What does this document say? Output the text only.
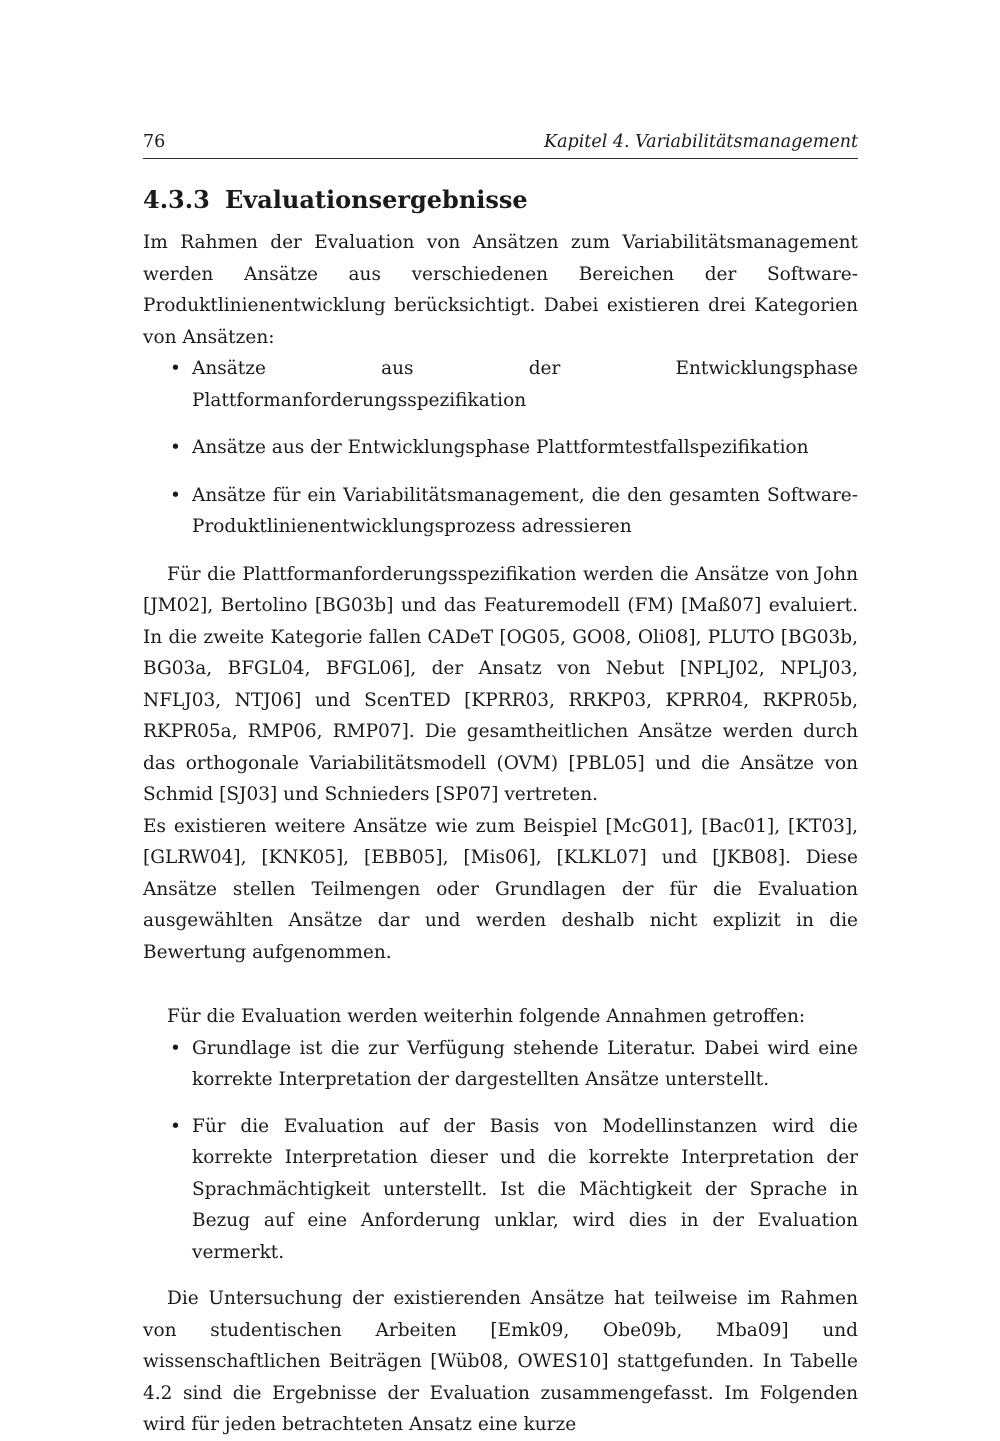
76	Kapitel 4. Variabilitätsmanagement
4.3.3 Evaluationsergebnisse

Im Rahmen der Evaluation von Ansätzen zum Variabilitätsmanagement werden Ansätze aus verschiedenen Bereichen der Software-Produktlinienentwicklung berücksichtigt. Dabei existieren drei Kategorien von Ansätzen:

• Ansätze aus der Entwicklungsphase Plattformanforderungsspezifikation
• Ansätze aus der Entwicklungsphase Plattformtestfallspezifikation
• Ansätze für ein Variabilitätsmanagement, die den gesamten Software-Produktlinienentwicklungsprozess adressieren

Für die Plattformanforderungsspezifikation werden die Ansätze von John [JM02], Bertolino [BG03b] und das Featuremodell (FM) [Maß07] evaluiert. In die zweite Kategorie fallen CADeT [OG05, GO08, Oli08], PLUTO [BG03b, BG03a, BFGL04, BFGL06], der Ansatz von Nebut [NPLJ02, NPLJ03, NFLJ03, NTJ06] und ScenTED [KPRR03, RRKP03, KPRR04, RKPR05b, RKPR05a, RMP06, RMP07]. Die gesamtheitlichen Ansätze werden durch das orthogonale Variabilitätsmodell (OVM) [PBL05] und die Ansätze von Schmid [SJ03] und Schnieders [SP07] vertreten.

Es existieren weitere Ansätze wie zum Beispiel [McG01], [Bac01], [KT03], [GLRW04], [KNK05], [EBB05], [Mis06], [KLKL07] und [JKB08]. Diese Ansätze stellen Teilmengen oder Grundlagen der für die Evaluation ausgewählten Ansätze dar und werden deshalb nicht explizit in die Bewertung aufgenommen.

Für die Evaluation werden weiterhin folgende Annahmen getroffen:

• Grundlage ist die zur Verfügung stehende Literatur. Dabei wird eine korrekte Interpretation der dargestellten Ansätze unterstellt.
• Für die Evaluation auf der Basis von Modellinstanzen wird die korrekte Interpretation dieser und die korrekte Interpretation der Sprachmächtigkeit unterstellt. Ist die Mächtigkeit der Sprache in Bezug auf eine Anforderung unklar, wird dies in der Evaluation vermerkt.

Die Untersuchung der existierenden Ansätze hat teilweise im Rahmen von studentischen Arbeiten [Emk09, Obe09b, Mba09] und wissenschaftlichen Beiträgen [Wüb08, OWES10] stattgefunden. In Tabelle 4.2 sind die Ergebnisse der Evaluation zusammengefasst. Im Folgenden wird für jeden betrachteten Ansatz eine kurze
